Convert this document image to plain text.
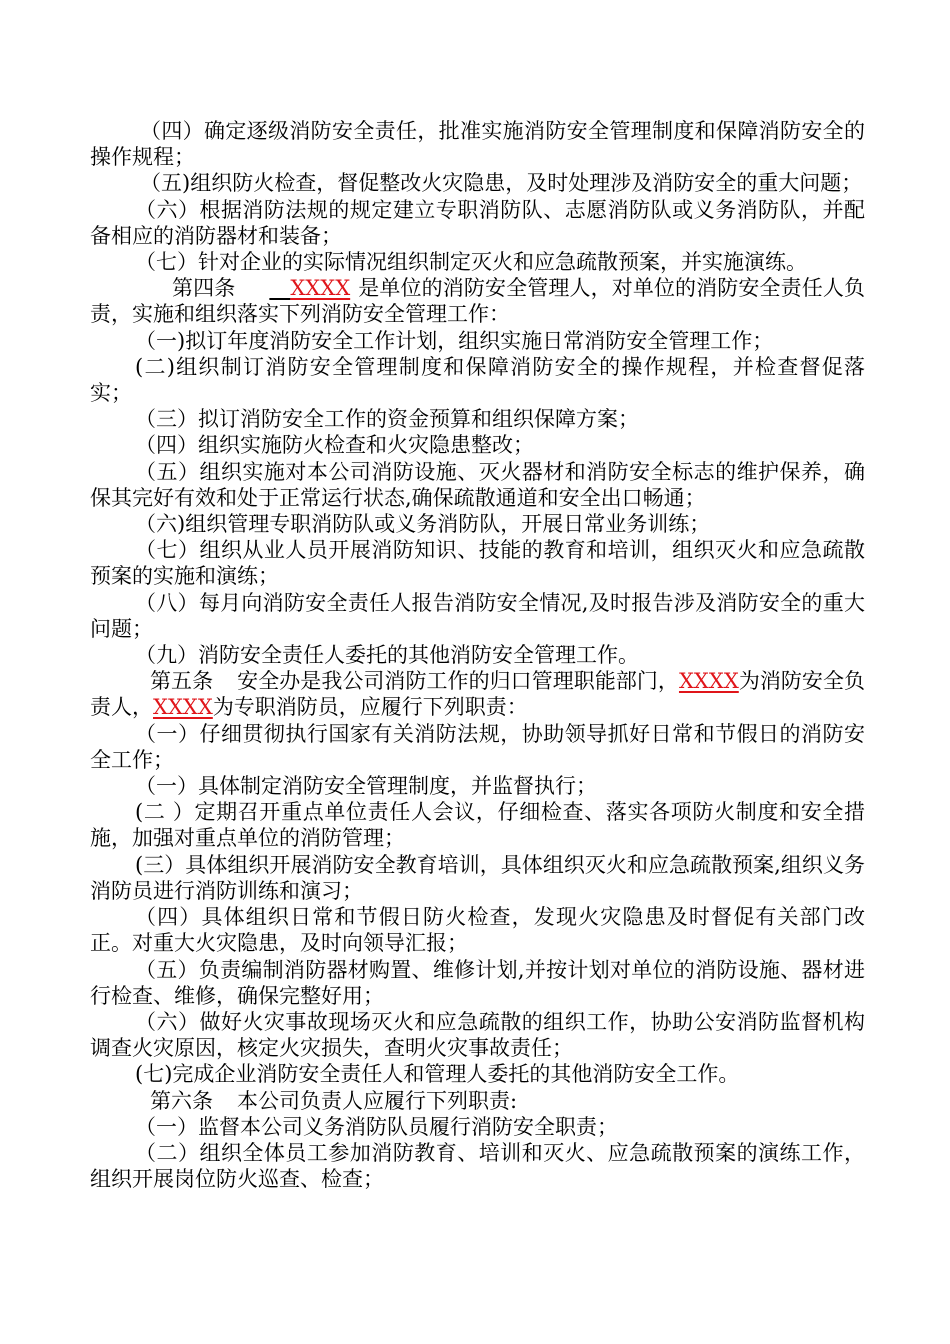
（四）确定逐级消防安全责任，批准实施消防安全管理制度和保障消防安全的操作规程；

（五)组织防火检查，督促整改火灾隐患，及时处理涉及消防安全的重大问题；

（六）根据消防法规的规定建立专职消防队、志愿消防队或义务消防队，并配备相应的消防器材和装备；

（七）针对企业的实际情况组织制定灭火和应急疏散预案，并实施演练。

第四条 	XXXX 是单位的消防安全管理人，对单位的消防安全责任人负责，实施和组织落实下列消防安全管理工作：

（一)拟订年度消防安全工作计划，组织实施日常消防安全管理工作；

(二)组织制订消防安全管理制度和保障消防安全的操作规程，并检查督促落实；

（三）拟订消防安全工作的资金预算和组织保障方案；

（四）组织实施防火检查和火灾隐患整改；

（五）组织实施对本公司消防设施、灭火器材和消防安全标志的维护保养，确保其完好有效和处于正常运行状态,确保疏散通道和安全出口畅通；

（六)组织管理专职消防队或义务消防队，开展日常业务训练；

（七）组织从业人员开展消防知识、技能的教育和培训，组织灭火和应急疏散预案的实施和演练；

（八）每月向消防安全责任人报告消防安全情况,及时报告涉及消防安全的重大问题；

（九）消防安全责任人委托的其他消防安全管理工作。

第五条 安全办是我公司消防工作的归口管理职能部门，XXXX为消防安全负责人，XXXX为专职消防员，应履行下列职责：

（一）仔细贯彻执行国家有关消防法规，协助领导抓好日常和节假日的消防安全工作；

（一）具体制定消防安全管理制度，并监督执行；

(二 ）定期召开重点单位责任人会议，仔细检查、落实各项防火制度和安全措施，加强对重点单位的消防管理；

(三）具体组织开展消防安全教育培训，具体组织灭火和应急疏散预案,组织义务消防员进行消防训练和演习；

（四）具体组织日常和节假日防火检查，发现火灾隐患及时督促有关部门改正。对重大火灾隐患，及时向领导汇报；

（五）负责编制消防器材购置、维修计划,并按计划对单位的消防设施、器材进行检查、维修，确保完整好用；

（六）做好火灾事故现场灭火和应急疏散的组织工作，协助公安消防监督机构调查火灾原因，核定火灾损失，查明火灾事故责任；

(七)完成企业消防安全责任人和管理人委托的其他消防安全工作。

第六条 本公司负责人应履行下列职责:

（一）监督本公司义务消防队员履行消防安全职责；

（二）组织全体员工参加消防教育、培训和灭火、应急疏散预案的演练工作，组织开展岗位防火巡查、检查；
